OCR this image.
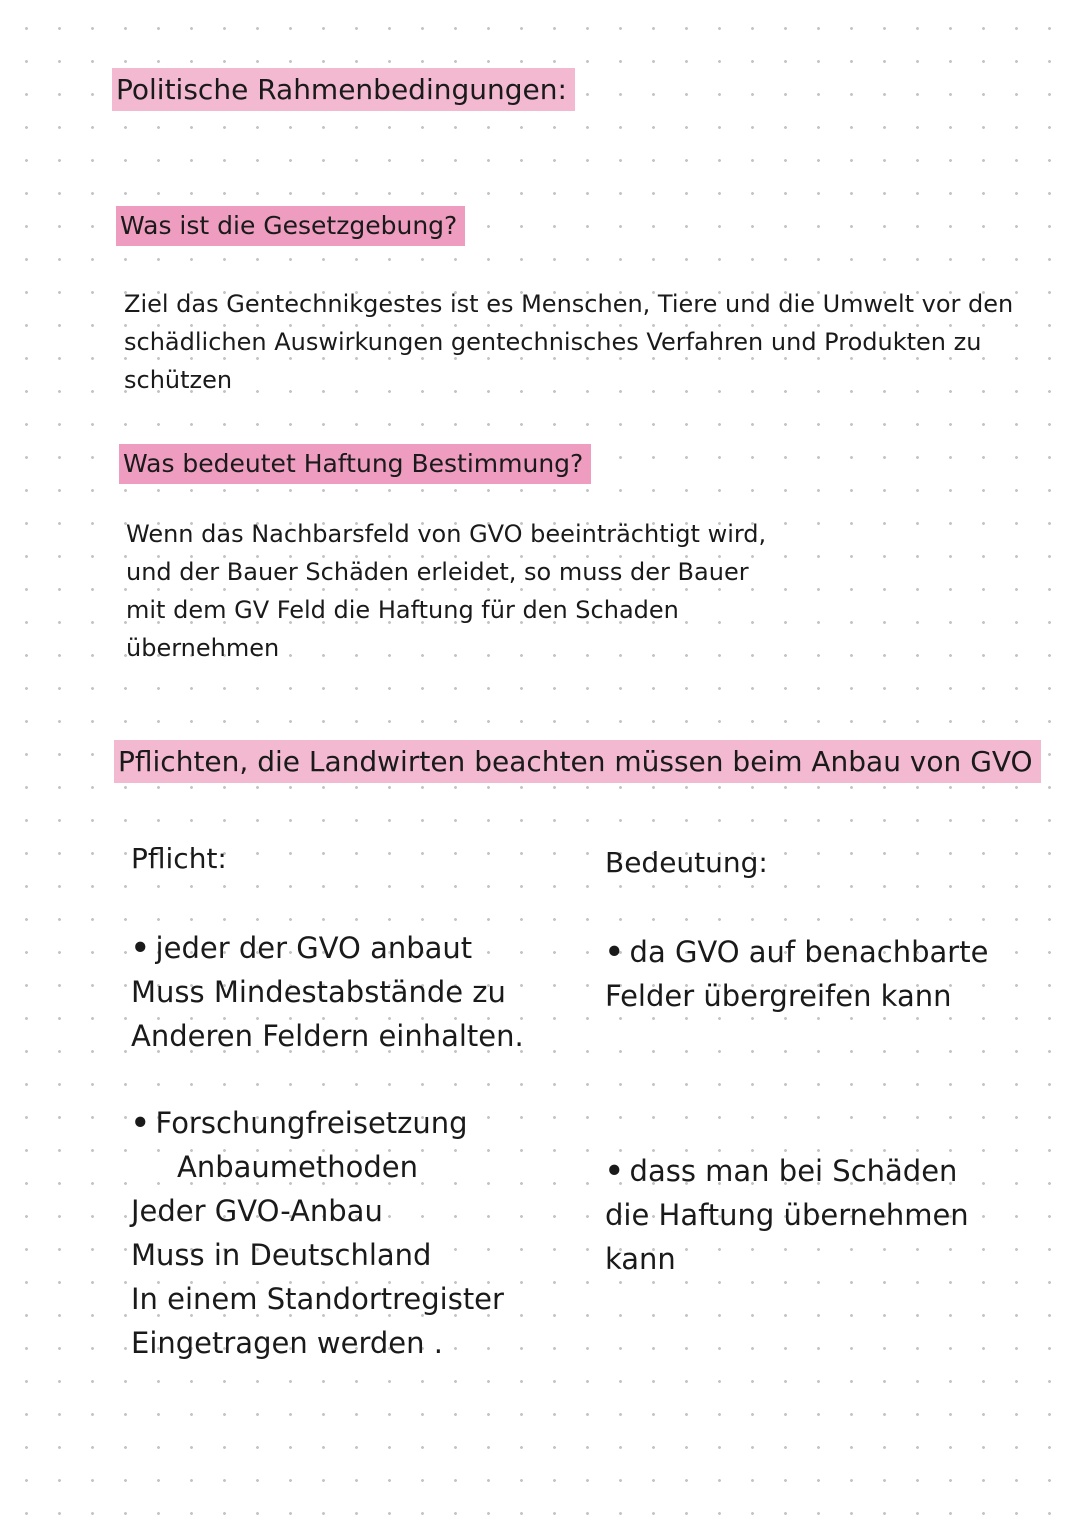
Politische Rahmenbedingungen:
Was ist die Gesetzgebung?
Ziel das Gentechnikgestes ist es Menschen, Tiere und die Umwelt vor den
schädlichen Auswirkungen gentechnisches Verfahren und Produkten zu
schützen
Was bedeutet Haftung Bestimmung?
Wenn das Nachbarsfeld von GVO beeinträchtigt wird,
und der Bauer Schäden erleidet, so muss der Bauer
mit dem GV Feld die Haftung für den Schaden
übernehmen
Pflichten, die Landwirten beachten müssen beim Anbau von GVO
Pflicht:	Bedeutung:
• jeder der GVO anbaut
Muss Mindestabstände zu
Anderen Feldern einhalten.
• da GVO auf benachbarte
Felder übergreifen kann
• Forschungfreisetzung
Anbaumethoden
Jeder GVO-Anbau
Muss in Deutschland
In einem Standortregister
Eingetragen werden .
• dass man bei Schäden
die Haftung übernehmen
kann
